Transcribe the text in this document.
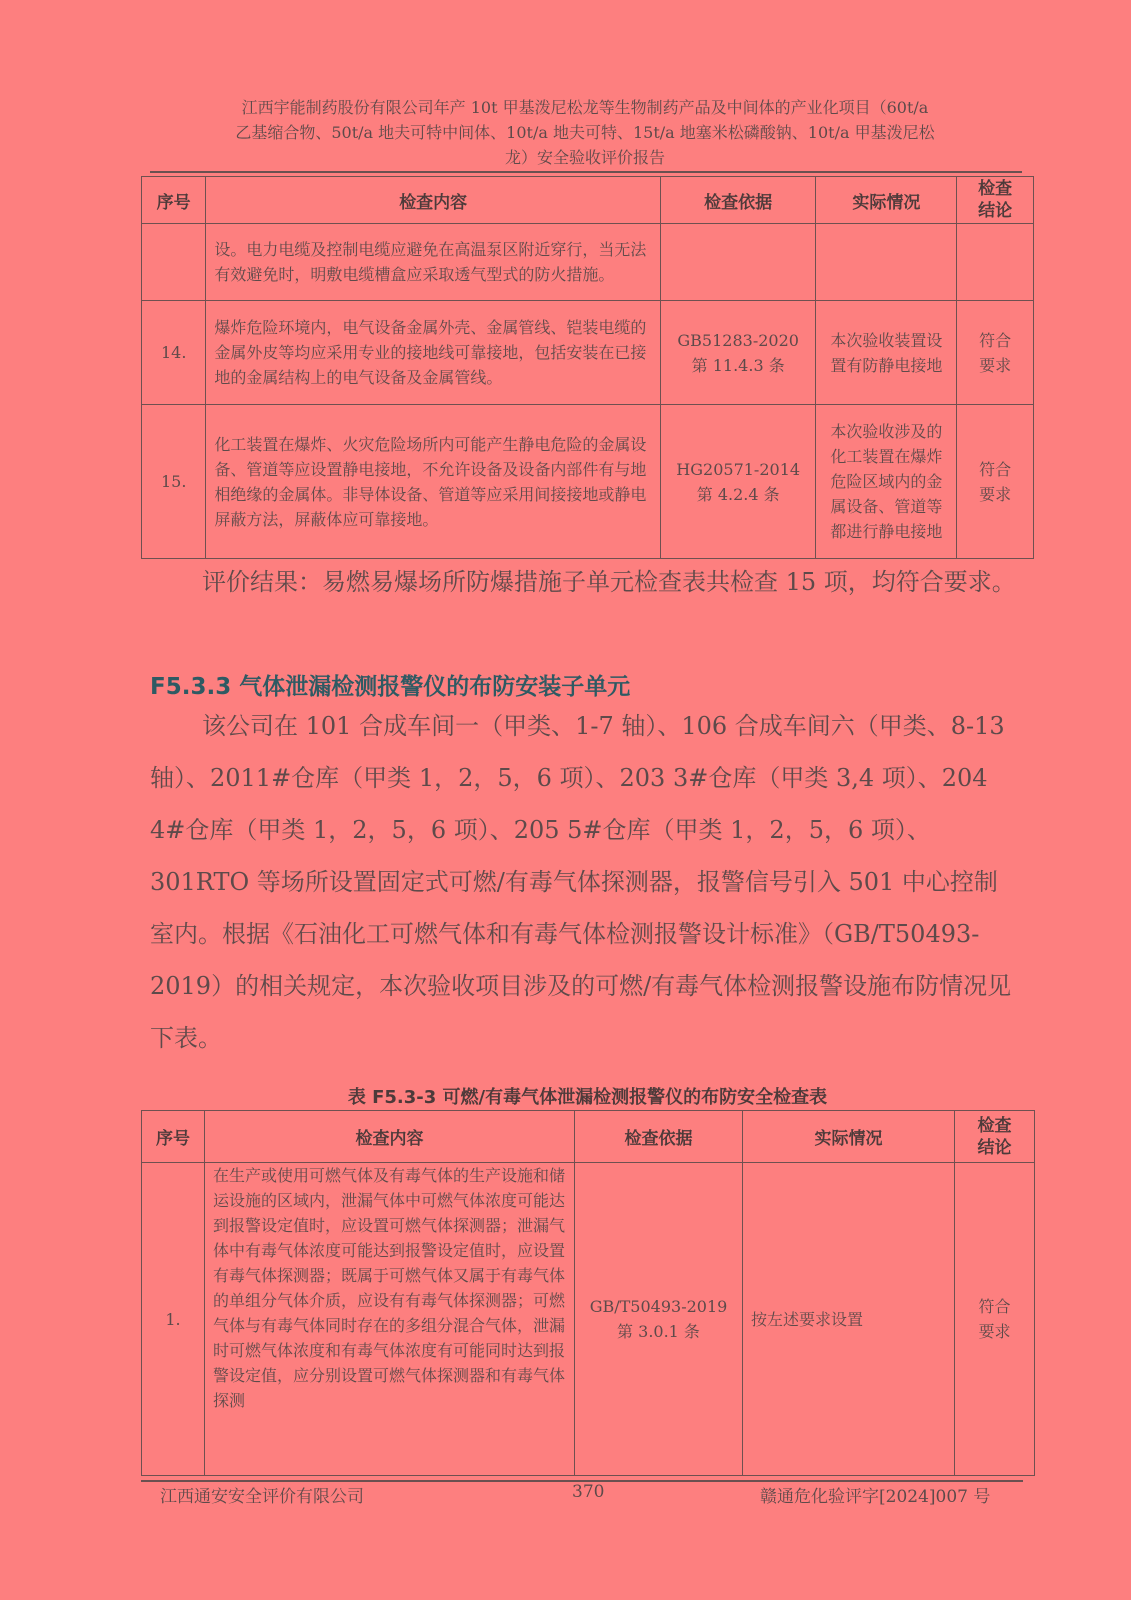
江西宇能制药股份有限公司年产 10t 甲基泼尼松龙等生物制药产品及中间体的产业化项目（60t/a
乙基缩合物、50t/a 地夫可特中间体、10t/a 地夫可特、15t/a 地塞米松磷酸钠、10t/a 甲基泼尼松
龙）安全验收评价报告
序号	检查内容	检查依据	实际情况	检查
结论
	设。电力电缆及控制电缆应避免在高温泵区附近穿行，当无法有效避免时，明敷电缆槽盒应采取透气型式的防火措施。			
14.	爆炸危险环境内，电气设备金属外壳、金属管线、铠装电缆的金属外皮等均应采用专业的接地线可靠接地，包括安装在已接地的金属结构上的电气设备及金属管线。	GB51283-2020
第 11.4.3 条	本次验收装置设置有防静电接地	符合
要求
15.	化工装置在爆炸、火灾危险场所内可能产生静电危险的金属设备、管道等应设置静电接地，不允许设备及设备内部件有与地相绝缘的金属体。非导体设备、管道等应采用间接接地或静电屏蔽方法，屏蔽体应可靠接地。	HG20571-2014
第 4.2.4 条	本次验收涉及的化工装置在爆炸危险区域内的金属设备、管道等都进行静电接地	符合
要求
评价结果：易燃易爆场所防爆措施子单元检查表共检查 15 项，均符合要求。
F5.3.3 气体泄漏检测报警仪的布防安装子单元
该公司在 101 合成车间一（甲类、1-7 轴）、106 合成车间六（甲类、8-13 轴）、2011#仓库（甲类 1，2，5，6 项）、203 3#仓库（甲类 3,4 项）、204 4#仓库（甲类 1，2，5，6 项）、205 5#仓库（甲类 1，2，5，6 项）、301RTO 等场所设置固定式可燃/有毒气体探测器，报警信号引入 501 中心控制室内。根据《石油化工可燃气体和有毒气体检测报警设计标准》（GB/T50493-2019）的相关规定，本次验收项目涉及的可燃/有毒气体检测报警设施布防情况见下表。
表 F5.3-3 可燃/有毒气体泄漏检测报警仪的布防安全检查表
序号	检查内容	检查依据	实际情况	检查
结论
1.	在生产或使用可燃气体及有毒气体的生产设施和储运设施的区域内，泄漏气体中可燃气体浓度可能达到报警设定值时，应设置可燃气体探测器；泄漏气体中有毒气体浓度可能达到报警设定值时，应设置有毒气体探测器；既属于可燃气体又属于有毒气体的单组分气体介质，应设有有毒气体探测器；可燃气体与有毒气体同时存在的多组分混合气体，泄漏时可燃气体浓度和有毒气体浓度有可能同时达到报警设定值，应分别设置可燃气体探测器和有毒气体探测	GB/T50493-2019
第 3.0.1 条	按左述要求设置	符合
要求
江西通安安全评价有限公司	370	赣通危化验评字[2024]007 号
